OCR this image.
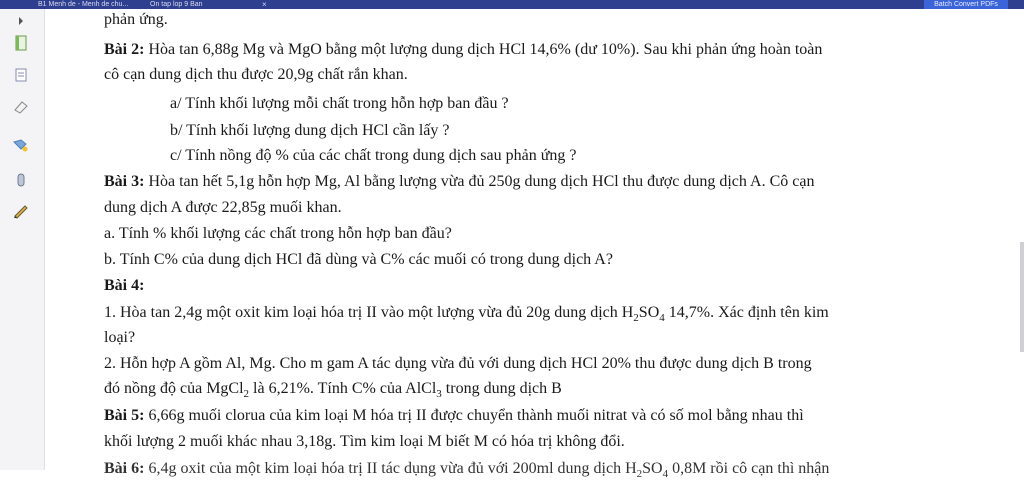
B1 Menh de - Menh de chu...	On tap lop 9 Ban	×	Batch Convert PDFs
phản ứng.
Bài 2: Hòa tan 6,88g Mg và MgO bằng một lượng dung dịch HCl 14,6% (dư 10%). Sau khi phản ứng hoàn toàn
cô cạn dung dịch thu được 20,9g chất rắn khan.
a/ Tính khối lượng mỗi chất trong hỗn hợp ban đầu ?
b/ Tính khối lượng dung dịch HCl cần lấy ?
c/ Tính nồng độ % của các chất trong dung dịch sau phản ứng ?
Bài 3: Hòa tan hết 5,1g hỗn hợp Mg, Al bằng lượng vừa đủ 250g dung dịch HCl thu được dung dịch A. Cô cạn
dung dịch A được 22,85g muối khan.
a. Tính % khối lượng các chất trong hỗn hợp ban đầu?
b. Tính C% của dung dịch HCl đã dùng và C% các muối có trong dung dịch A?
Bài 4:
1. Hòa tan 2,4g một oxit kim loại hóa trị II vào một lượng vừa đủ 20g dung dịch $H_2SO_4$ 14,7%. Xác định tên kim
loại?
2. Hỗn hợp A gồm Al, Mg. Cho m gam A tác dụng vừa đủ với dung dịch HCl 20% thu được dung dịch B trong
đó nồng độ của MgCl$_2$ là 6,21%. Tính C% của AlCl$_3$ trong dung dịch B
Bài 5: 6,66g muối clorua của kim loại M hóa trị II được chuyển thành muối nitrat và có số mol bằng nhau thì
khối lượng 2 muối khác nhau 3,18g. Tìm kim loại M biết M có hóa trị không đổi.
Bài 6: 6,4g oxit của một kim loại hóa trị II tác dụng vừa đủ với 200ml dung dịch $H_2SO_4$ 0,8M rồi cô cạn thì nhận
